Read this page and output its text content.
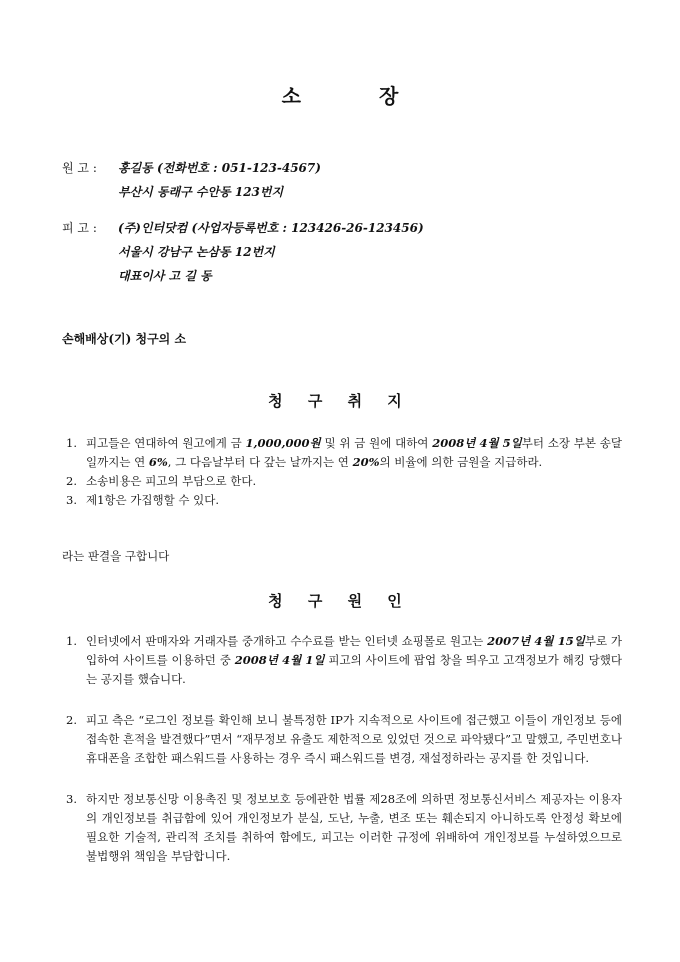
소	장
원 고 : 홍길동 (전화번호 : 051-123-4567)
부산시 동래구 수안동 123번지
피 고 : (주)인터닷컴 (사업자등록번호 : 123426-26-123456)
서울시 강남구 논삼동 12번지
대표이사 고 길 동
손해배상(기) 청구의 소
청 구 취 지
1. 피고들은 연대하여 원고에게 금 1,000,000원 및 위 금 원에 대하여 2008년 4월 5일부터 소장 부본 송달일까지는 연 6%, 그 다음날부터 다 갚는 날까지는 연 20%의 비율에 의한 금원을 지급하라.
2. 소송비용은 피고의 부담으로 한다.
3. 제1항은 가집행할 수 있다.
라는 판결을 구합니다
청 구 원 인
1. 인터넷에서 판매자와 거래자를 중개하고 수수료를 받는 인터넷 쇼핑몰로 원고는 2007년 4월 15일부로 가입하여 사이트를 이용하던 중 2008년 4월 1일 피고의 사이트에 팝업 창을 띄우고 고객정보가 해킹 당했다는 공지를 했습니다.
2. 피고 측은 “로그인 정보를 확인해 보니 불특정한 IP가 지속적으로 사이트에 접근했고 이들이 개인정보 등에 접속한 흔적을 발견했다”면서 “재무정보 유출도 제한적으로 있었던 것으로 파악됐다”고 말했고, 주민번호나 휴대폰을 조합한 패스워드를 사용하는 경우 즉시 패스워드를 변경, 재설정하라는 공지를 한 것입니다.
3. 하지만 정보통신망 이용촉진 및 정보보호 등에관한 법률 제28조에 의하면 정보통신서비스 제공자는 이용자의 개인정보를 취급함에 있어 개인정보가 분실, 도난, 누출, 변조 또는 훼손되지 아니하도록 안정성 확보에 필요한 기술적, 관리적 조치를 취하여 함에도, 피고는 이러한 규정에 위배하여 개인정보를 누설하였으므로 불법행위 책임을 부담합니다.
